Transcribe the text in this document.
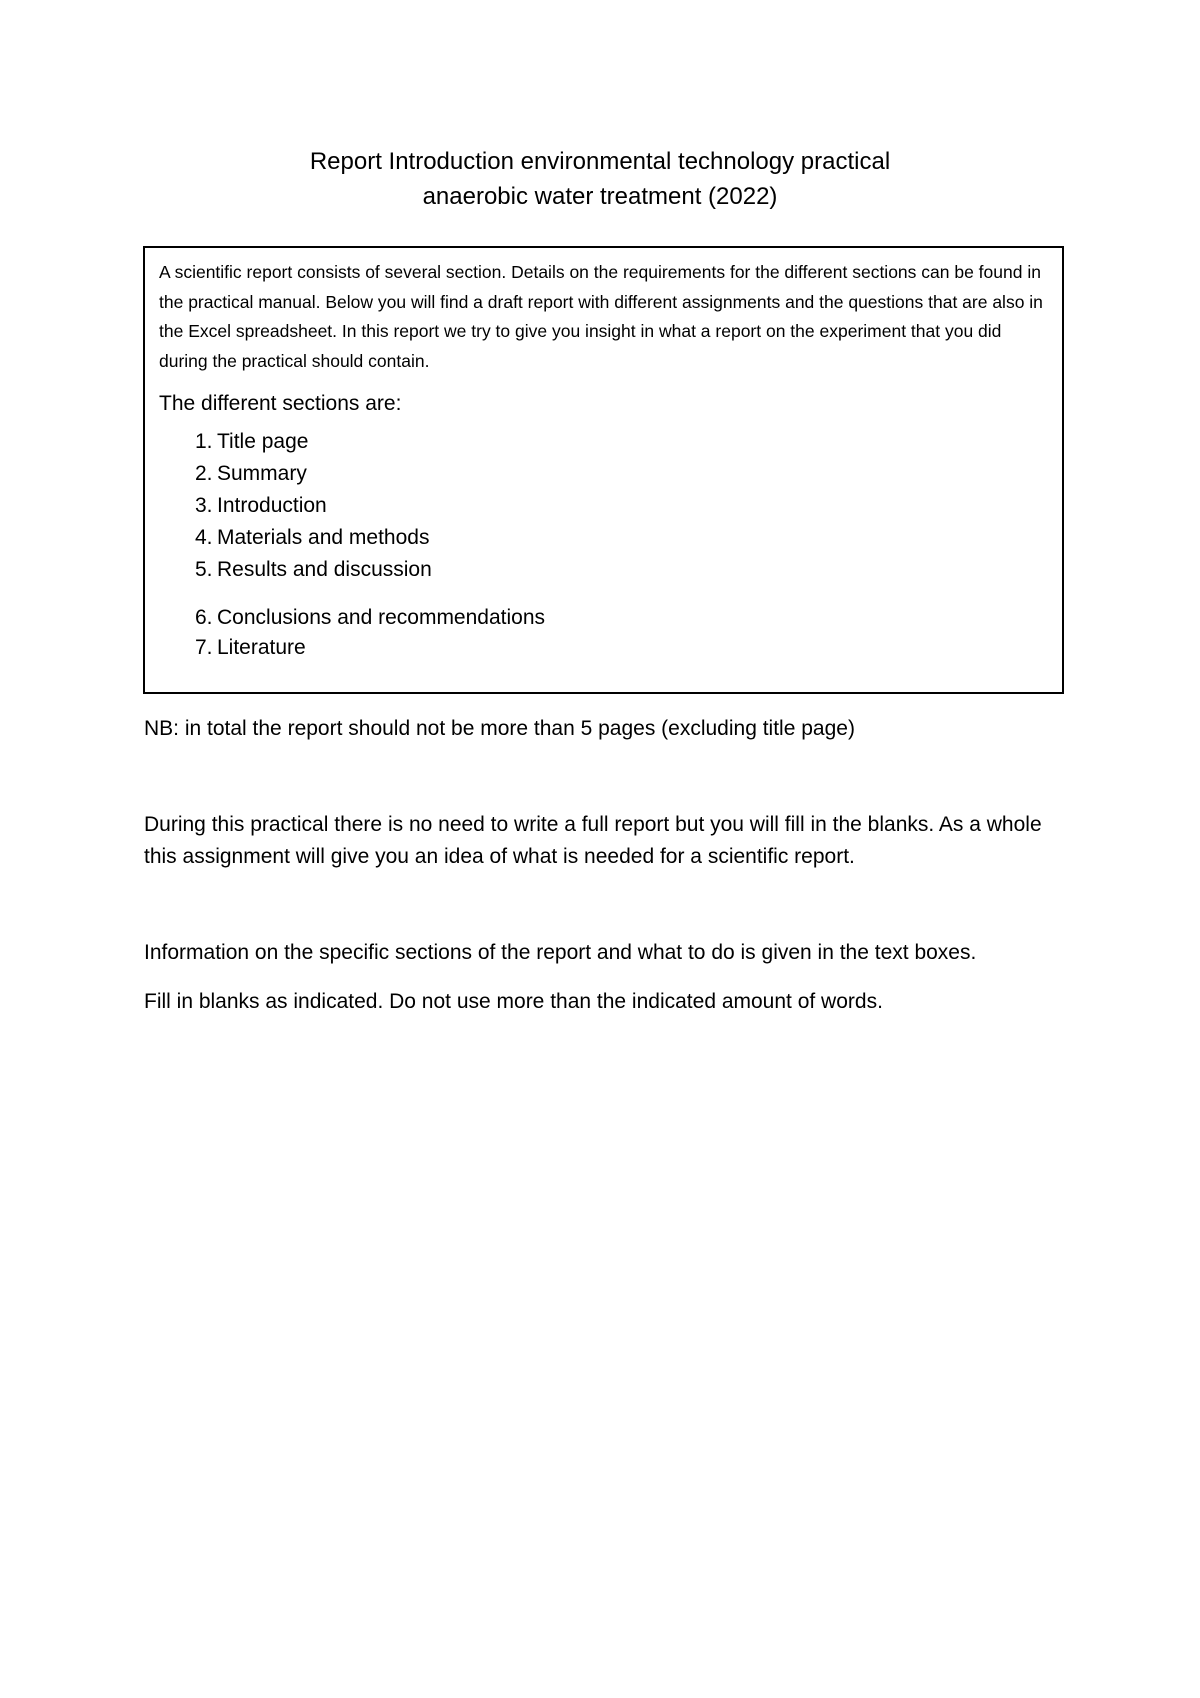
Report Introduction environmental technology practical
anaerobic water treatment (2022)

A scientific report consists of several section. Details on the requirements for the different sections can be found in the practical manual. Below you will find a draft report with different assignments and the questions that are also in the Excel spreadsheet. In this report we try to give you insight in what a report on the experiment that you did during the practical should contain.

The different sections are:
1. Title page
2. Summary
3. Introduction
4. Materials and methods
5. Results and discussion
6. Conclusions and recommendations
7. Literature

NB: in total the report should not be more than 5 pages (excluding title page)

During this practical there is no need to write a full report but you will fill in the blanks. As a whole this assignment will give you an idea of what is needed for a scientific report.

Information on the specific sections of the report and what to do is given in the text boxes.

Fill in blanks as indicated. Do not use more than the indicated amount of words.
